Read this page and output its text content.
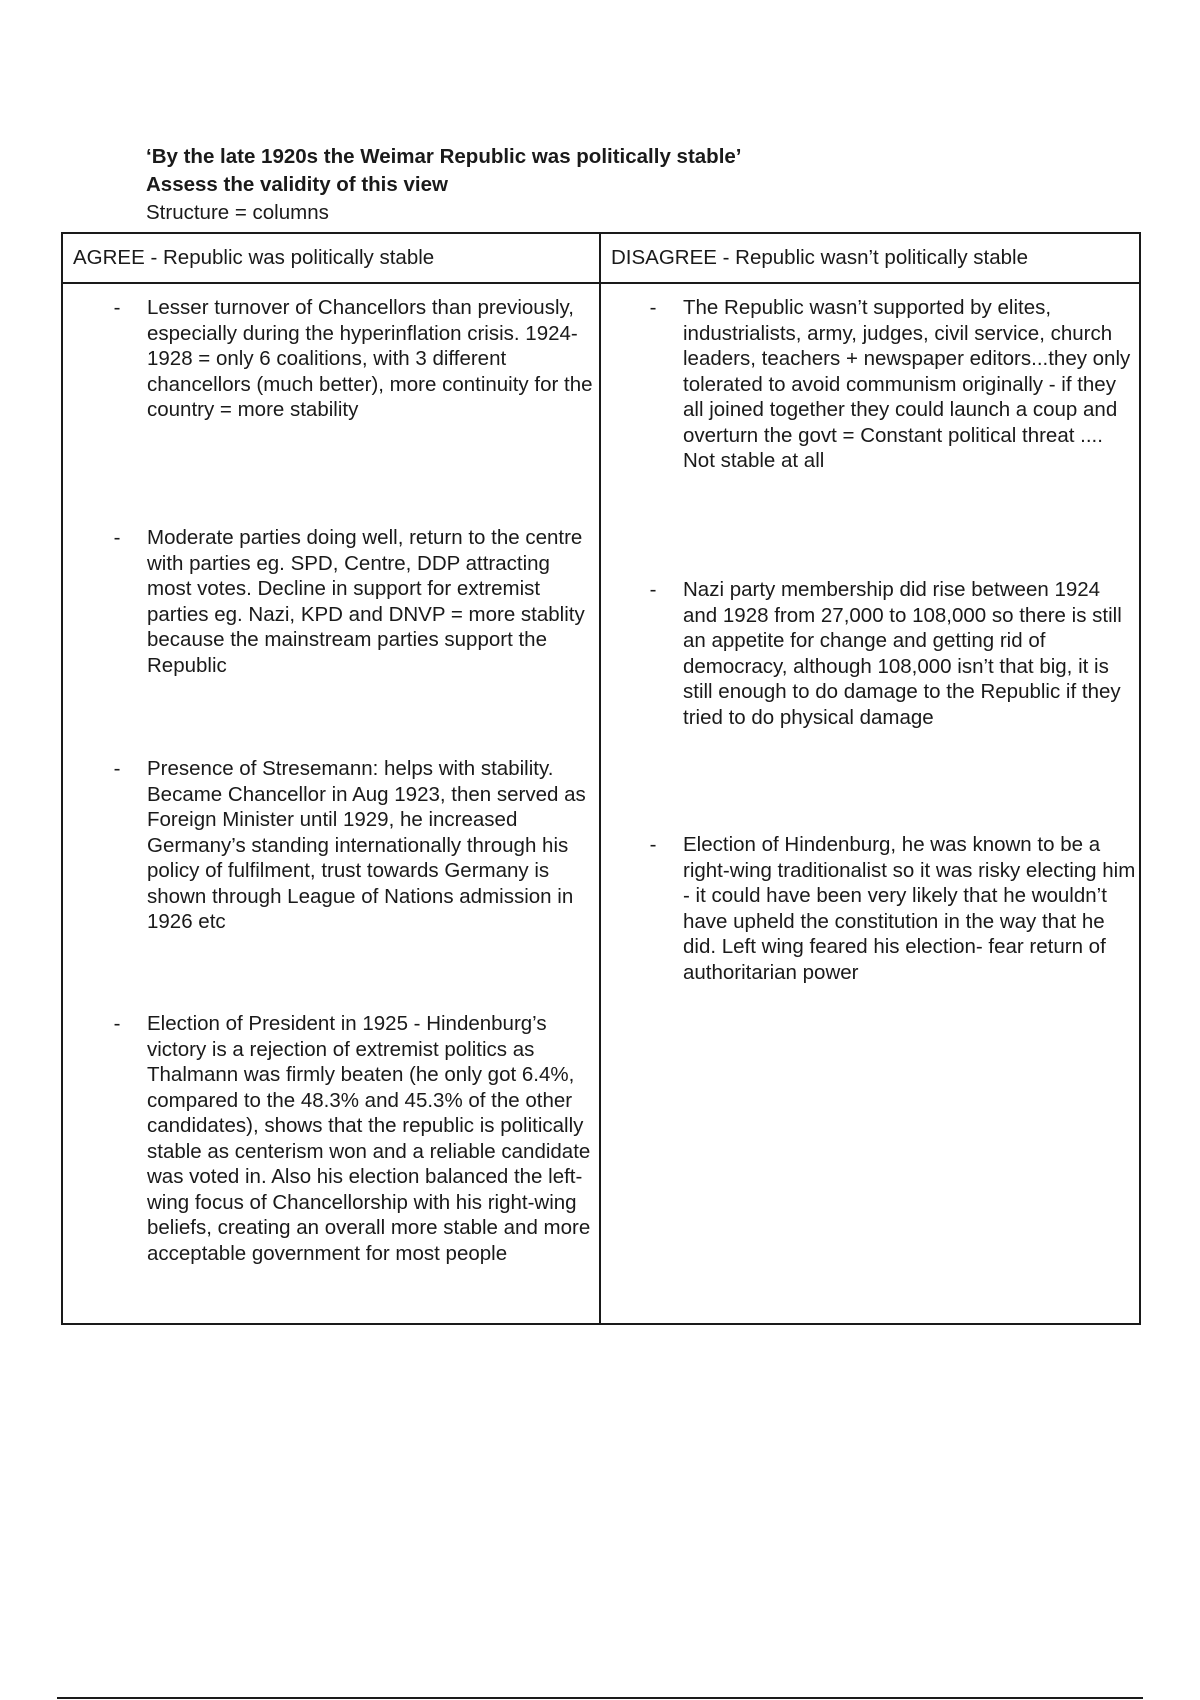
‘By the late 1920s the Weimar Republic was politically stable’
Assess the validity of this view
Structure = columns
AGREE - Republic was politically stable	DISAGREE - Republic wasn’t politically stable
- Lesser turnover of Chancellors than previously, especially during the hyperinflation crisis. 1924-1928 = only 6 coalitions, with 3 different chancellors (much better), more continuity for the country = more stability
- Moderate parties doing well, return to the centre with parties eg. SPD, Centre, DDP attracting most votes. Decline in support for extremist parties eg. Nazi, KPD and DNVP = more stablity because the mainstream parties support the Republic
- Presence of Stresemann: helps with stability. Became Chancellor in Aug 1923, then served as Foreign Minister until 1929, he increased Germany’s standing internationally through his policy of fulfilment, trust towards Germany is shown through League of Nations admission in 1926 etc
- Election of President in 1925 - Hindenburg’s victory is a rejection of extremist politics as Thalmann was firmly beaten (he only got 6.4%, compared to the 48.3% and 45.3% of the other candidates), shows that the republic is politically stable as centerism won and a reliable candidate was voted in. Also his election balanced the left-wing focus of Chancellorship with his right-wing beliefs, creating an overall more stable and more acceptable government for most people
- The Republic wasn’t supported by elites, industrialists, army, judges, civil service, church leaders, teachers + newspaper editors...they only tolerated to avoid communism originally - if they all joined together they could launch a coup and overturn the govt = Constant political threat .... Not stable at all
- Nazi party membership did rise between 1924 and 1928 from 27,000 to 108,000 so there is still an appetite for change and getting rid of democracy, although 108,000 isn’t that big, it is still enough to do damage to the Republic if they tried to do physical damage
- Election of Hindenburg, he was known to be a right-wing traditionalist so it was risky electing him - it could have been very likely that he wouldn’t have upheld the constitution in the way that he did. Left wing feared his election- fear return of authoritarian power
